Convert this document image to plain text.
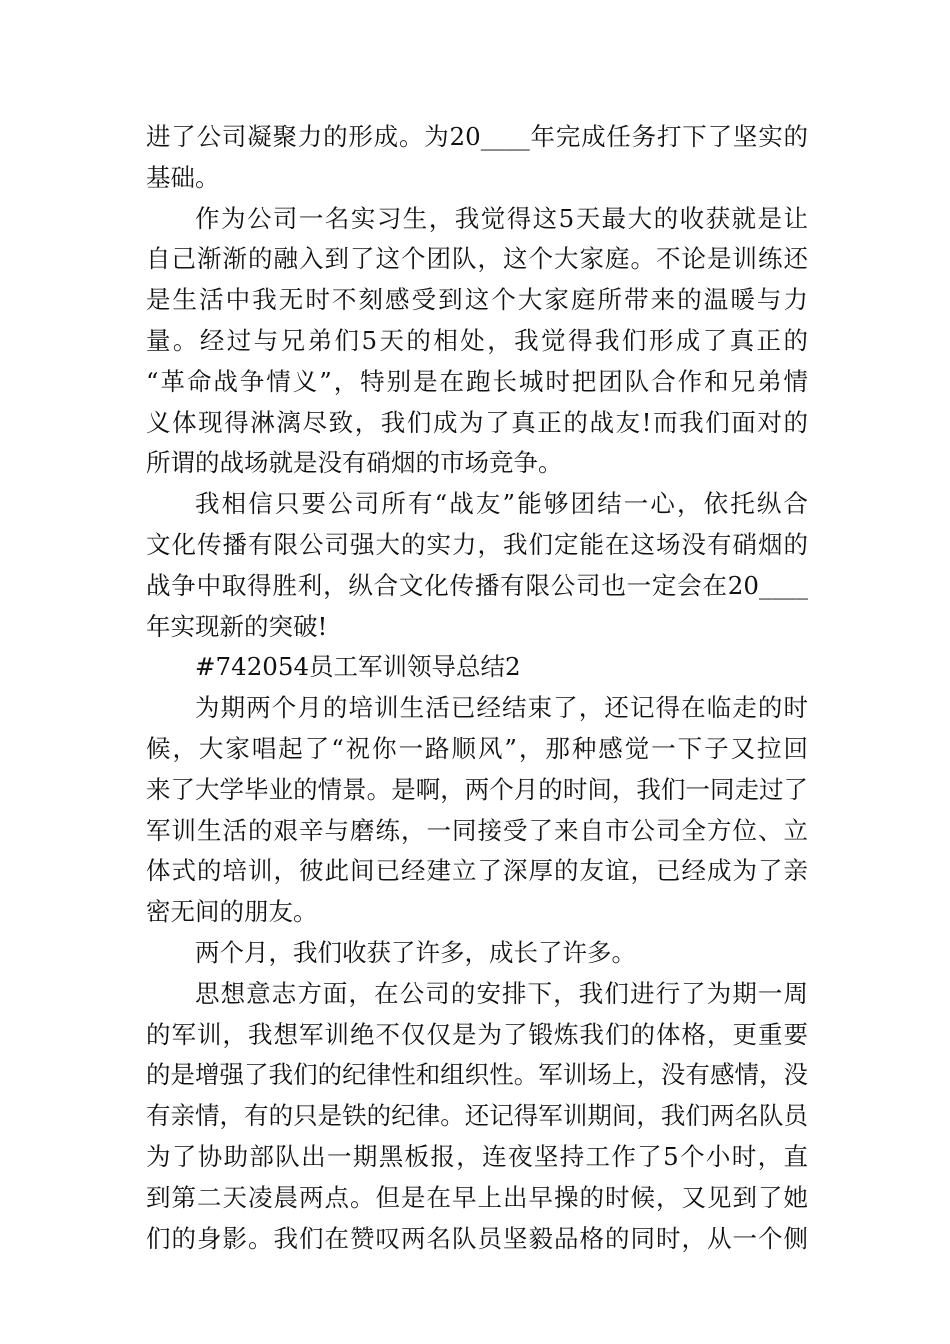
进了公司凝聚力的形成。为20____年完成任务打下了坚实的
基础。
作为公司一名实习生，我觉得这5天最大的收获就是让
自己渐渐的融入到了这个团队，这个大家庭。不论是训练还
是生活中我无时不刻感受到这个大家庭所带来的温暖与力
量。经过与兄弟们5天的相处，我觉得我们形成了真正的
“革命战争情义”，特别是在跑长城时把团队合作和兄弟情
义体现得淋漓尽致，我们成为了真正的战友!而我们面对的
所谓的战场就是没有硝烟的市场竞争。
我相信只要公司所有“战友”能够团结一心，依托纵合
文化传播有限公司强大的实力，我们定能在这场没有硝烟的
战争中取得胜利，纵合文化传播有限公司也一定会在20____
年实现新的突破!
#742054员工军训领导总结2
为期两个月的培训生活已经结束了，还记得在临走的时
候，大家唱起了“祝你一路顺风”，那种感觉一下子又拉回
来了大学毕业的情景。是啊，两个月的时间，我们一同走过了
军训生活的艰辛与磨练，一同接受了来自市公司全方位、立
体式的培训，彼此间已经建立了深厚的友谊，已经成为了亲
密无间的朋友。
两个月，我们收获了许多，成长了许多。
思想意志方面，在公司的安排下，我们进行了为期一周
的军训，我想军训绝不仅仅是为了锻炼我们的体格，更重要
的是增强了我们的纪律性和组织性。军训场上，没有感情，没
有亲情，有的只是铁的纪律。还记得军训期间，我们两名队员
为了协助部队出一期黑板报，连夜坚持工作了5个小时，直
到第二天凌晨两点。但是在早上出早操的时候，又见到了她
们的身影。我们在赞叹两名队员坚毅品格的同时，从一个侧
